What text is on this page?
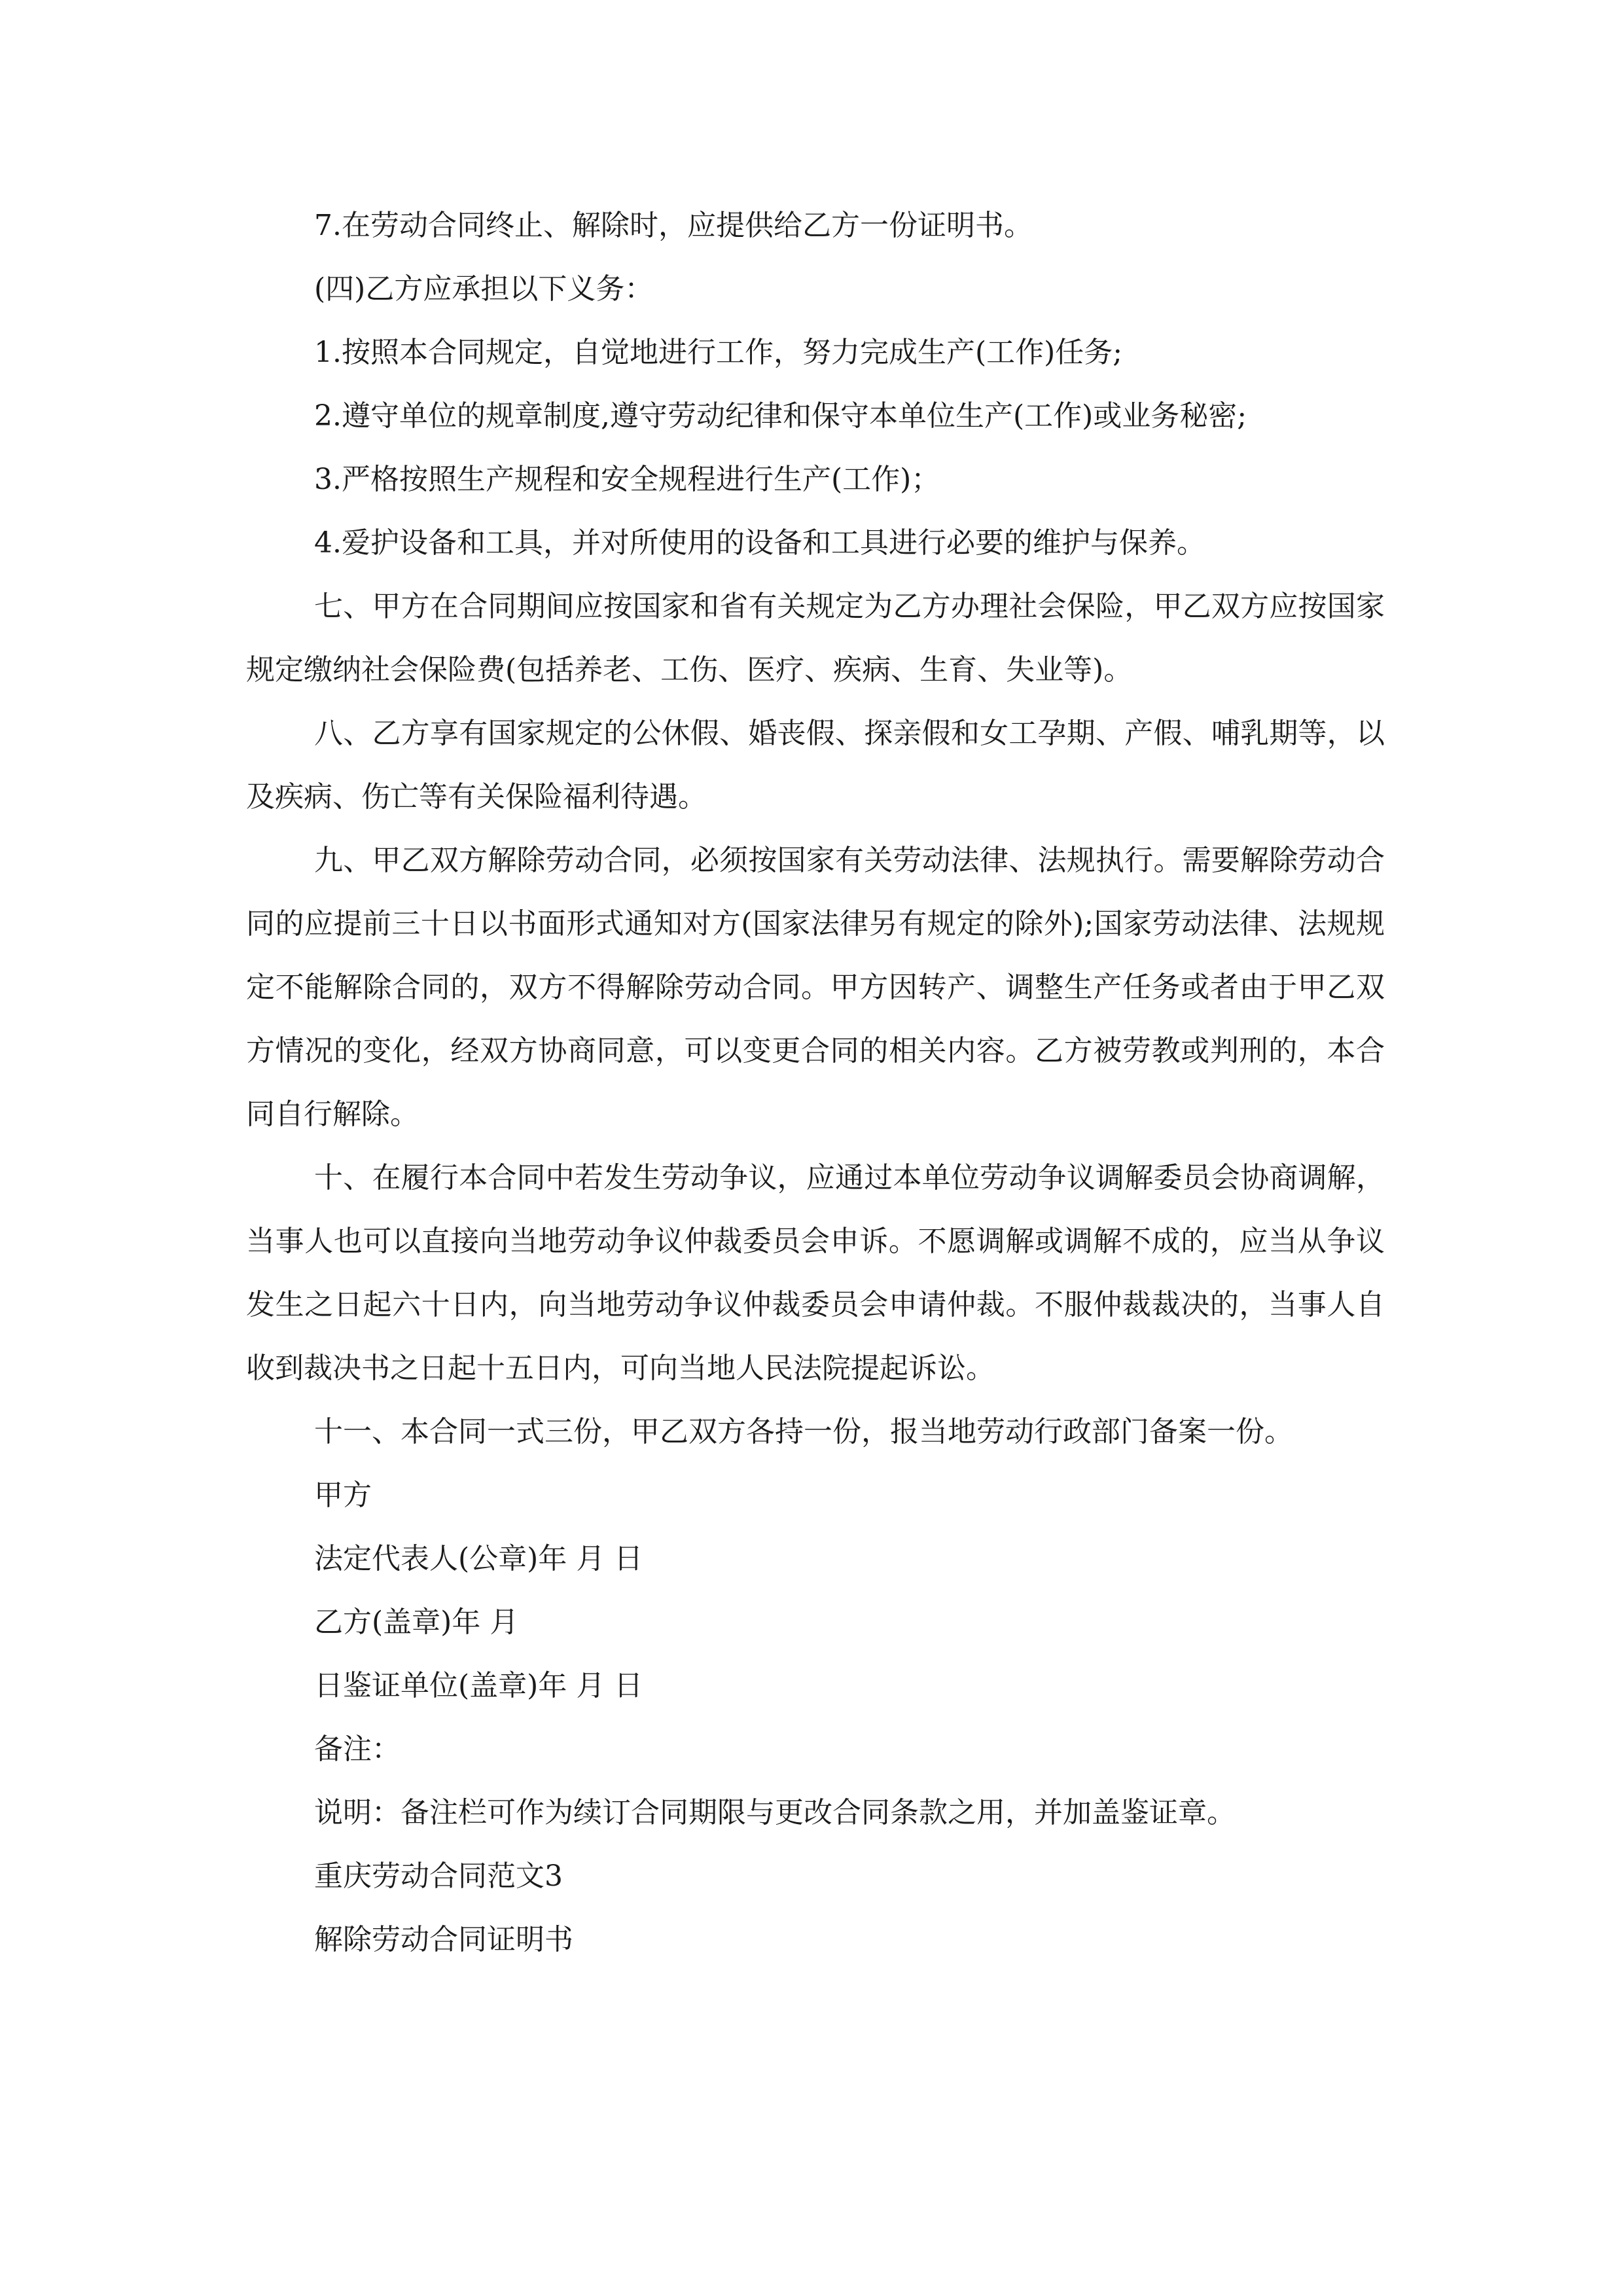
7.在劳动合同终止、解除时，应提供给乙方一份证明书。

(四)乙方应承担以下义务：

1.按照本合同规定，自觉地进行工作，努力完成生产(工作)任务;

2.遵守单位的规章制度,遵守劳动纪律和保守本单位生产(工作)或业务秘密;

3.严格按照生产规程和安全规程进行生产(工作)；

4.爱护设备和工具，并对所使用的设备和工具进行必要的维护与保养。

七、甲方在合同期间应按国家和省有关规定为乙方办理社会保险，甲乙双方应按国家规定缴纳社会保险费(包括养老、工伤、医疗、疾病、生育、失业等)。

八、乙方享有国家规定的公休假、婚丧假、探亲假和女工孕期、产假、哺乳期等，以及疾病、伤亡等有关保险福利待遇。

九、甲乙双方解除劳动合同，必须按国家有关劳动法律、法规执行。需要解除劳动合同的应提前三十日以书面形式通知对方(国家法律另有规定的除外);国家劳动法律、法规规定不能解除合同的，双方不得解除劳动合同。甲方因转产、调整生产任务或者由于甲乙双方情况的变化，经双方协商同意，可以变更合同的相关内容。乙方被劳教或判刑的，本合同自行解除。

十、在履行本合同中若发生劳动争议，应通过本单位劳动争议调解委员会协商调解，当事人也可以直接向当地劳动争议仲裁委员会申诉。不愿调解或调解不成的，应当从争议发生之日起六十日内，向当地劳动争议仲裁委员会申请仲裁。不服仲裁裁决的，当事人自收到裁决书之日起十五日内，可向当地人民法院提起诉讼。

十一、本合同一式三份，甲乙双方各持一份，报当地劳动行政部门备案一份。

甲方

法定代表人(公章)年 月 日

乙方(盖章)年 月

日鉴证单位(盖章)年 月 日

备注：

说明：备注栏可作为续订合同期限与更改合同条款之用，并加盖鉴证章。

重庆劳动合同范文3

解除劳动合同证明书
